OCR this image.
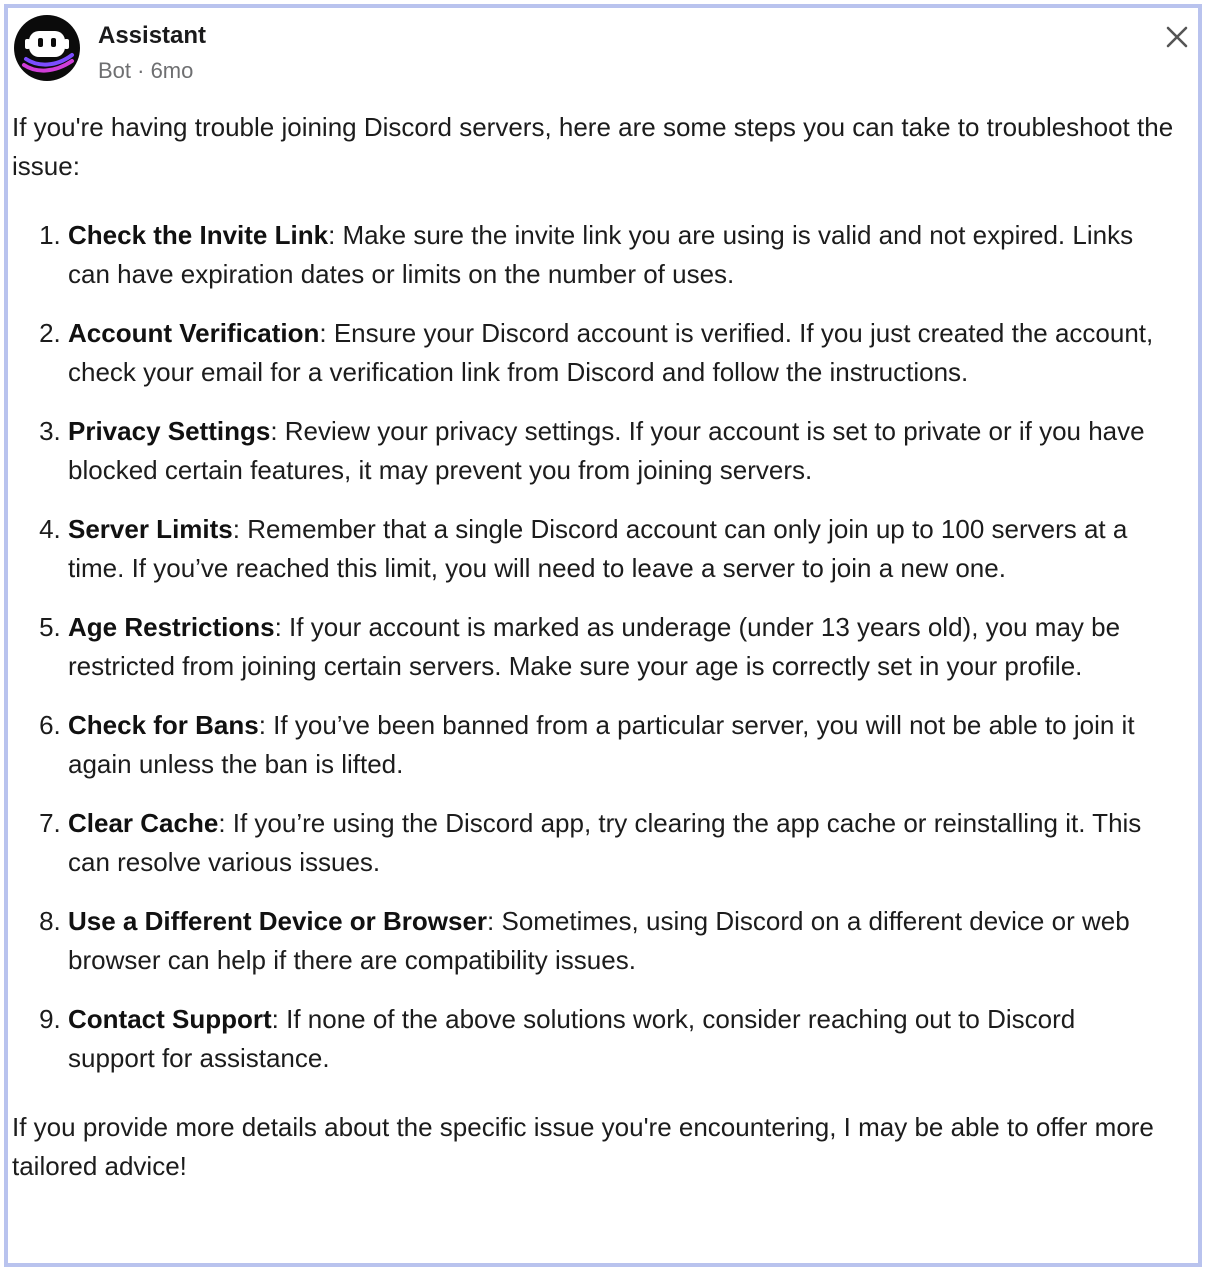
Assistant
Bot · 6mo

If you're having trouble joining Discord servers, here are some steps you can take to troubleshoot the issue:

1. Check the Invite Link: Make sure the invite link you are using is valid and not expired. Links can have expiration dates or limits on the number of uses.
2. Account Verification: Ensure your Discord account is verified. If you just created the account, check your email for a verification link from Discord and follow the instructions.
3. Privacy Settings: Review your privacy settings. If your account is set to private or if you have blocked certain features, it may prevent you from joining servers.
4. Server Limits: Remember that a single Discord account can only join up to 100 servers at a time. If you’ve reached this limit, you will need to leave a server to join a new one.
5. Age Restrictions: If your account is marked as underage (under 13 years old), you may be restricted from joining certain servers. Make sure your age is correctly set in your profile.
6. Check for Bans: If you’ve been banned from a particular server, you will not be able to join it again unless the ban is lifted.
7. Clear Cache: If you’re using the Discord app, try clearing the app cache or reinstalling it. This can resolve various issues.
8. Use a Different Device or Browser: Sometimes, using Discord on a different device or web browser can help if there are compatibility issues.
9. Contact Support: If none of the above solutions work, consider reaching out to Discord support for assistance.

If you provide more details about the specific issue you're encountering, I may be able to offer more tailored advice!
